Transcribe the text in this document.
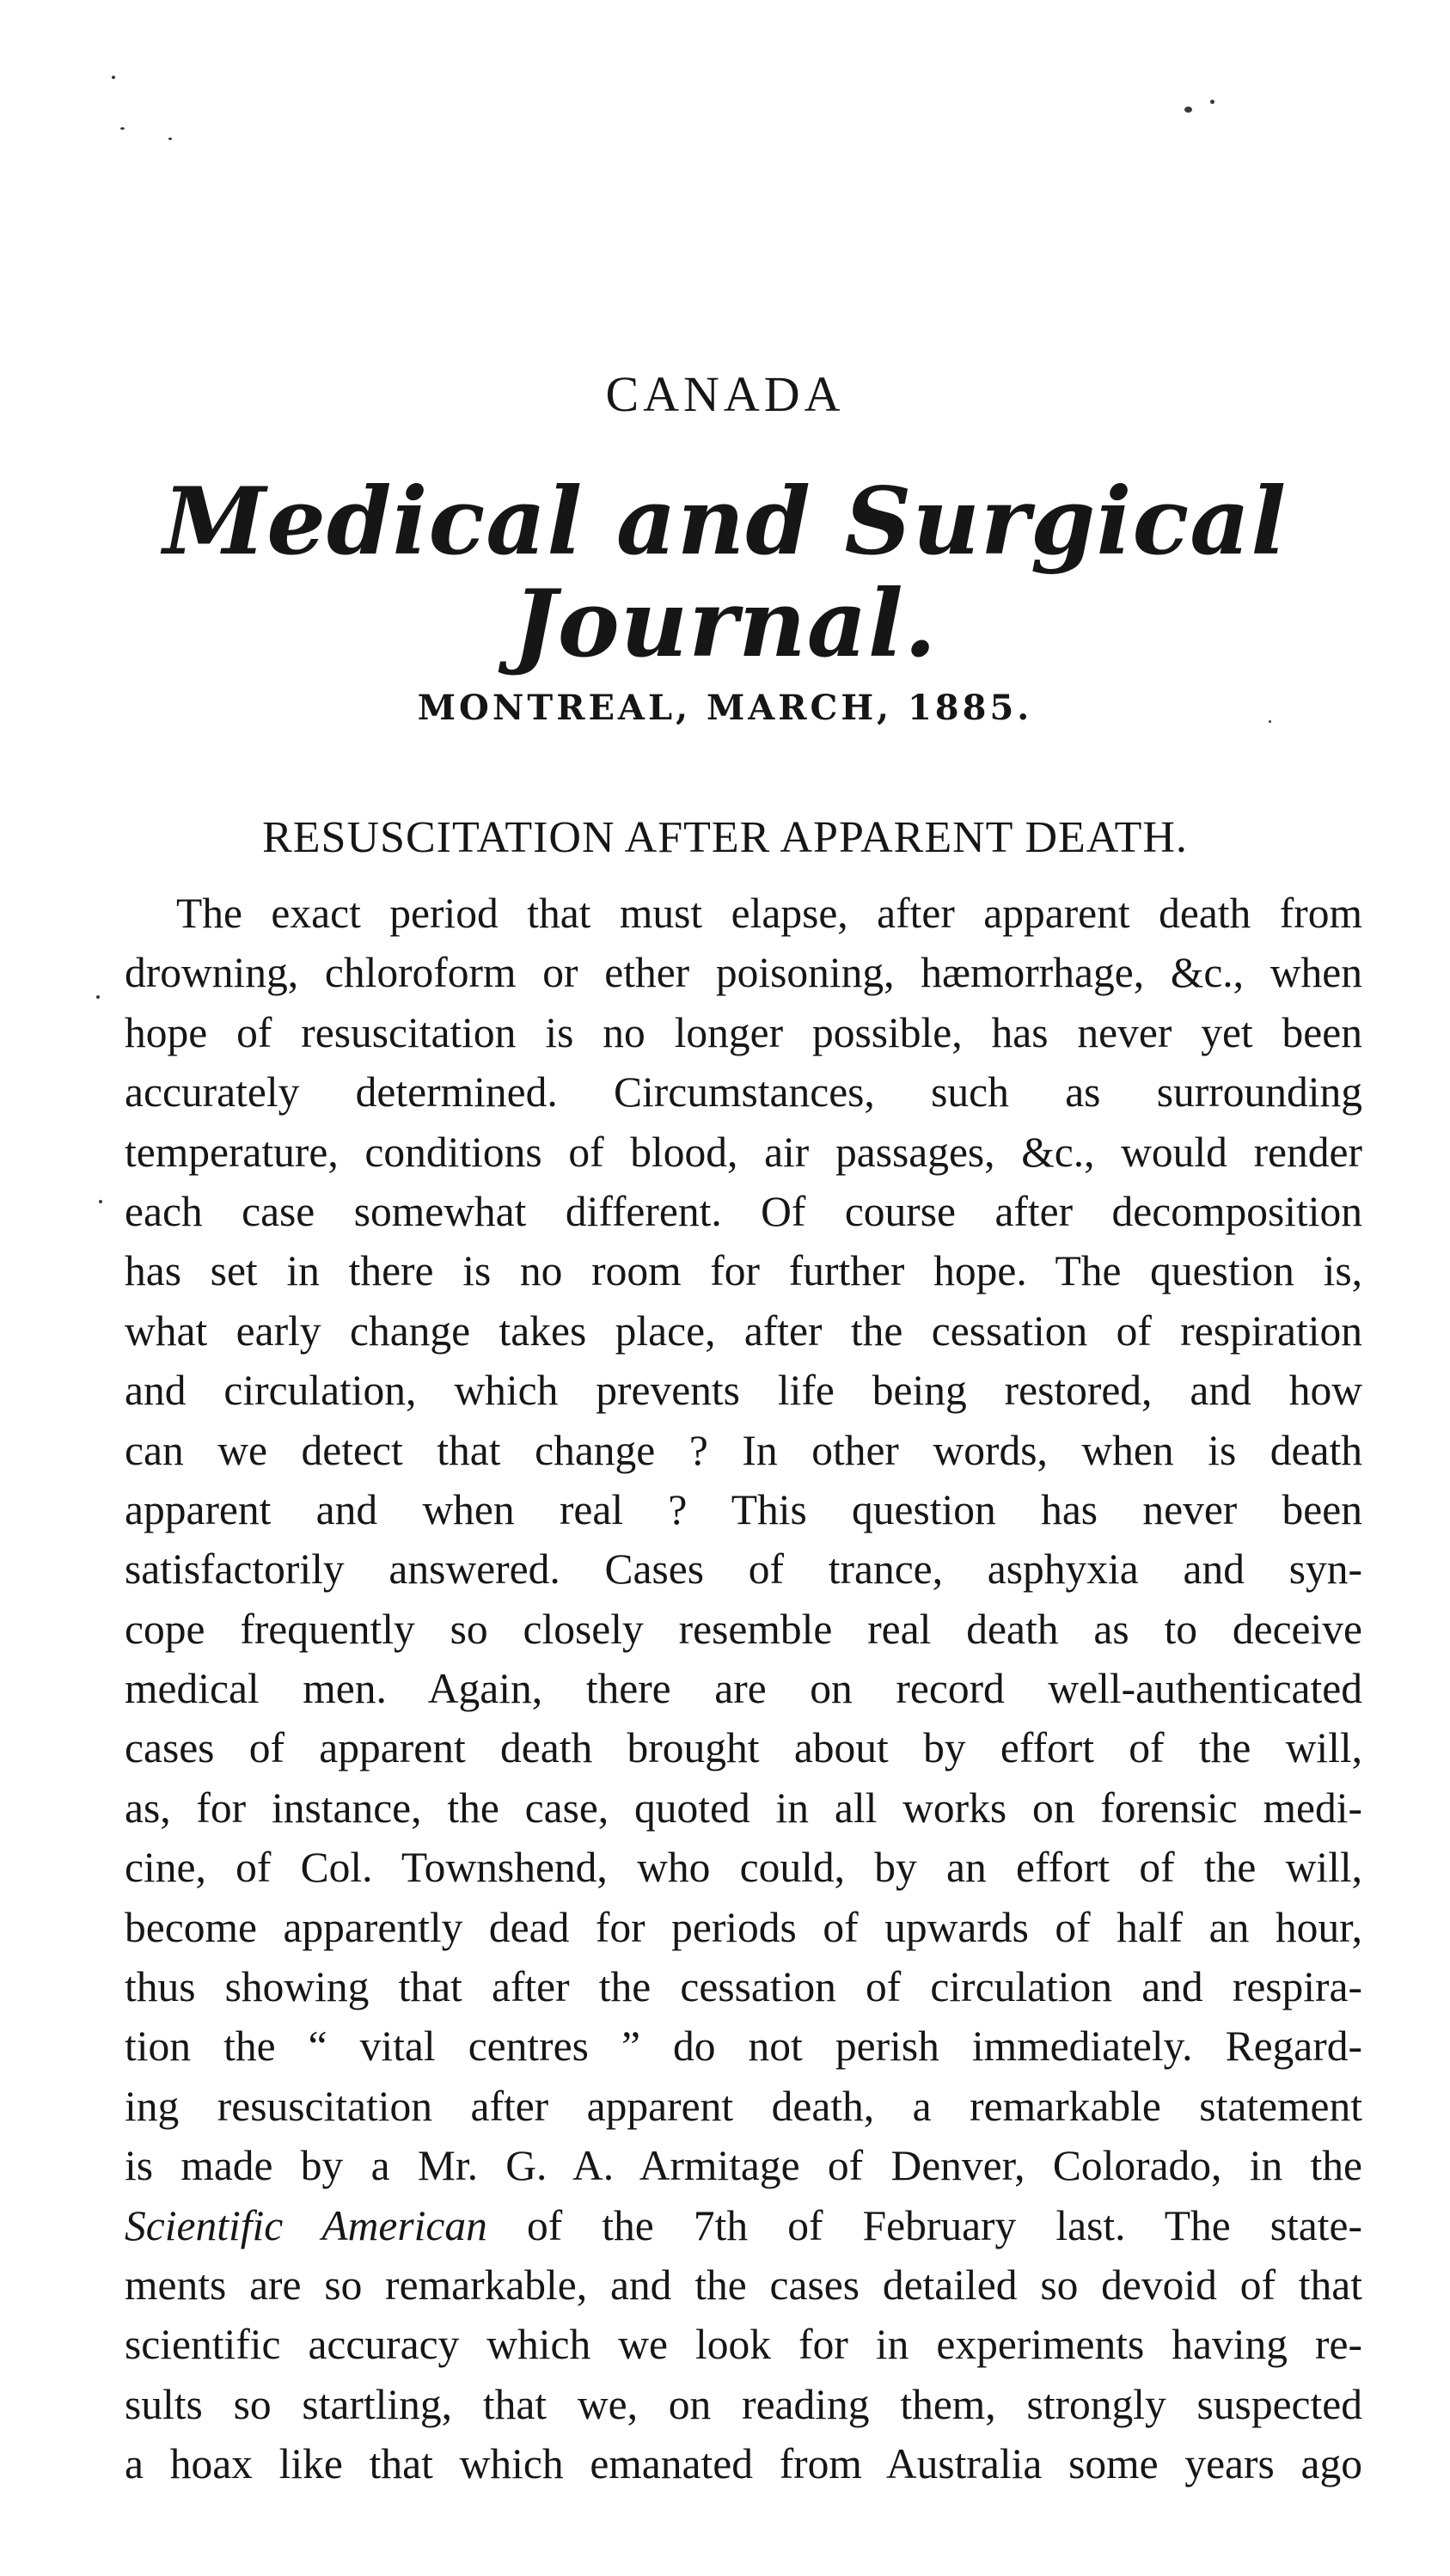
CANADA
Medical and Surgical Journal.
MONTREAL, MARCH, 1885.
RESUSCITATION AFTER APPARENT DEATH.
The exact period that must elapse, after apparent death from
drowning, chloroform or ether poisoning, hæmorrhage, &c., when
hope of resuscitation is no longer possible, has never yet been
accurately determined. Circumstances, such as surrounding
temperature, conditions of blood, air passages, &c., would render
each case somewhat different. Of course after decomposition
has set in there is no room for further hope. The question is,
what early change takes place, after the cessation of respiration
and circulation, which prevents life being restored, and how
can we detect that change ? In other words, when is death
apparent and when real ? This question has never been
satisfactorily answered. Cases of trance, asphyxia and syn-
cope frequently so closely resemble real death as to deceive
medical men. Again, there are on record well-authenticated
cases of apparent death brought about by effort of the will,
as, for instance, the case, quoted in all works on forensic medi-
cine, of Col. Townshend, who could, by an effort of the will,
become apparently dead for periods of upwards of half an hour,
thus showing that after the cessation of circulation and respira-
tion the “ vital centres ” do not perish immediately. Regard-
ing resuscitation after apparent death, a remarkable statement
is made by a Mr. G. A. Armitage of Denver, Colorado, in the
Scientific American of the 7th of February last. The state-
ments are so remarkable, and the cases detailed so devoid of that
scientific accuracy which we look for in experiments having re-
sults so startling, that we, on reading them, strongly suspected
a hoax like that which emanated from Australia some years ago
